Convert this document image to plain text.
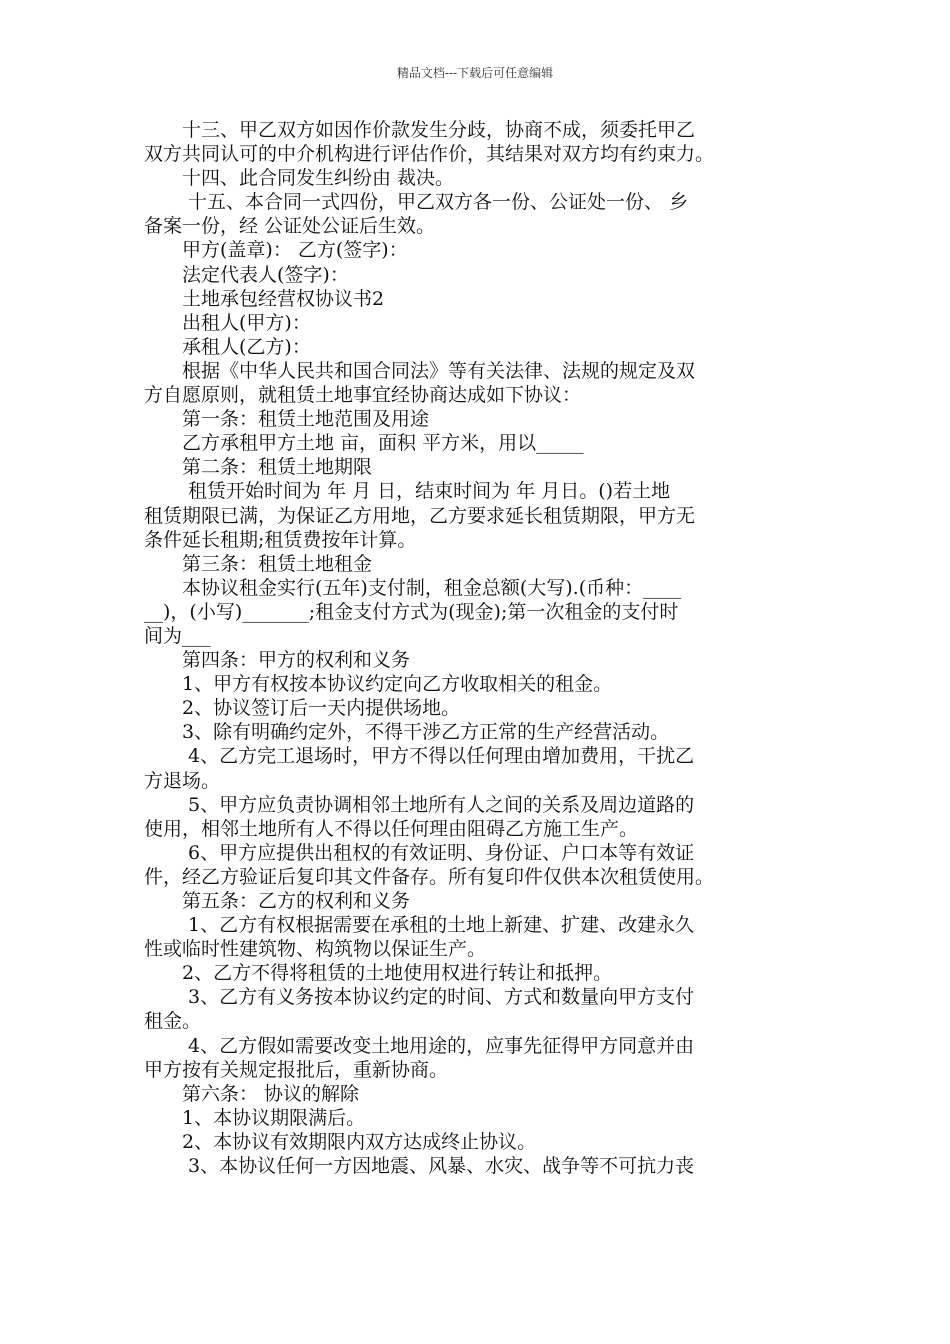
精品文档---下载后可任意编辑
　　十三、甲乙双方如因作价款发生分歧，协商不成，须委托甲乙
双方共同认可的中介机构进行评估作价，其结果对双方均有约束力。
　　十四、此合同发生纠纷由 裁决。
　　 十五、本合同一式四份，甲乙双方各一份、公证处一份、 乡
备案一份，经 公证处公证后生效。
　　甲方(盖章)： 乙方(签字)：
　　法定代表人(签字)：
　　土地承包经营权协议书2
　　出租人(甲方)：
　　承租人(乙方)：
　　根据《中华人民共和国合同法》等有关法律、法规的规定及双
方自愿原则，就租赁土地事宜经协商达成如下协议：
　　第一条：租赁土地范围及用途
　　乙方承租甲方土地 亩，面积 平方米，用以_____
　　第二条：租赁土地期限
　　 租赁开始时间为 年 月 日，结束时间为 年 月日。()若土地
租赁期限已满，为保证乙方用地，乙方要求延长租赁期限，甲方无
条件延长租期;租赁费按年计算。
　　第三条：租赁土地租金
　　本协议租金实行(五年)支付制，租金总额(大写).(币种：____
__)，(小写)_______;租金支付方式为(现金);第一次租金的支付时
间为___
　　第四条：甲方的权利和义务
　　1、甲方有权按本协议约定向乙方收取相关的租金。
　　2、协议签订后一天内提供场地。
　　3、除有明确约定外，不得干涉乙方正常的生产经营活动。
　　 4、乙方完工退场时，甲方不得以任何理由增加费用，干扰乙
方退场。
　　 5、甲方应负责协调相邻土地所有人之间的关系及周边道路的
使用，相邻土地所有人不得以任何理由阻碍乙方施工生产。
　　 6、甲方应提供出租权的有效证明、身份证、户口本等有效证
件，经乙方验证后复印其文件备存。所有复印件仅供本次租赁使用。
　　第五条：乙方的权利和义务
　　 1、乙方有权根据需要在承租的土地上新建、扩建、改建永久
性或临时性建筑物、构筑物以保证生产。
　　2、乙方不得将租赁的土地使用权进行转让和抵押。
　　 3、乙方有义务按本协议约定的时间、方式和数量向甲方支付
租金。
　　 4、乙方假如需要改变土地用途的，应事先征得甲方同意并由
甲方按有关规定报批后，重新协商。
　　第六条： 协议的解除
　　1、本协议期限满后。
　　2、本协议有效期限内双方达成终止协议。
　　 3、本协议任何一方因地震、风暴、水灾、战争等不可抗力丧
